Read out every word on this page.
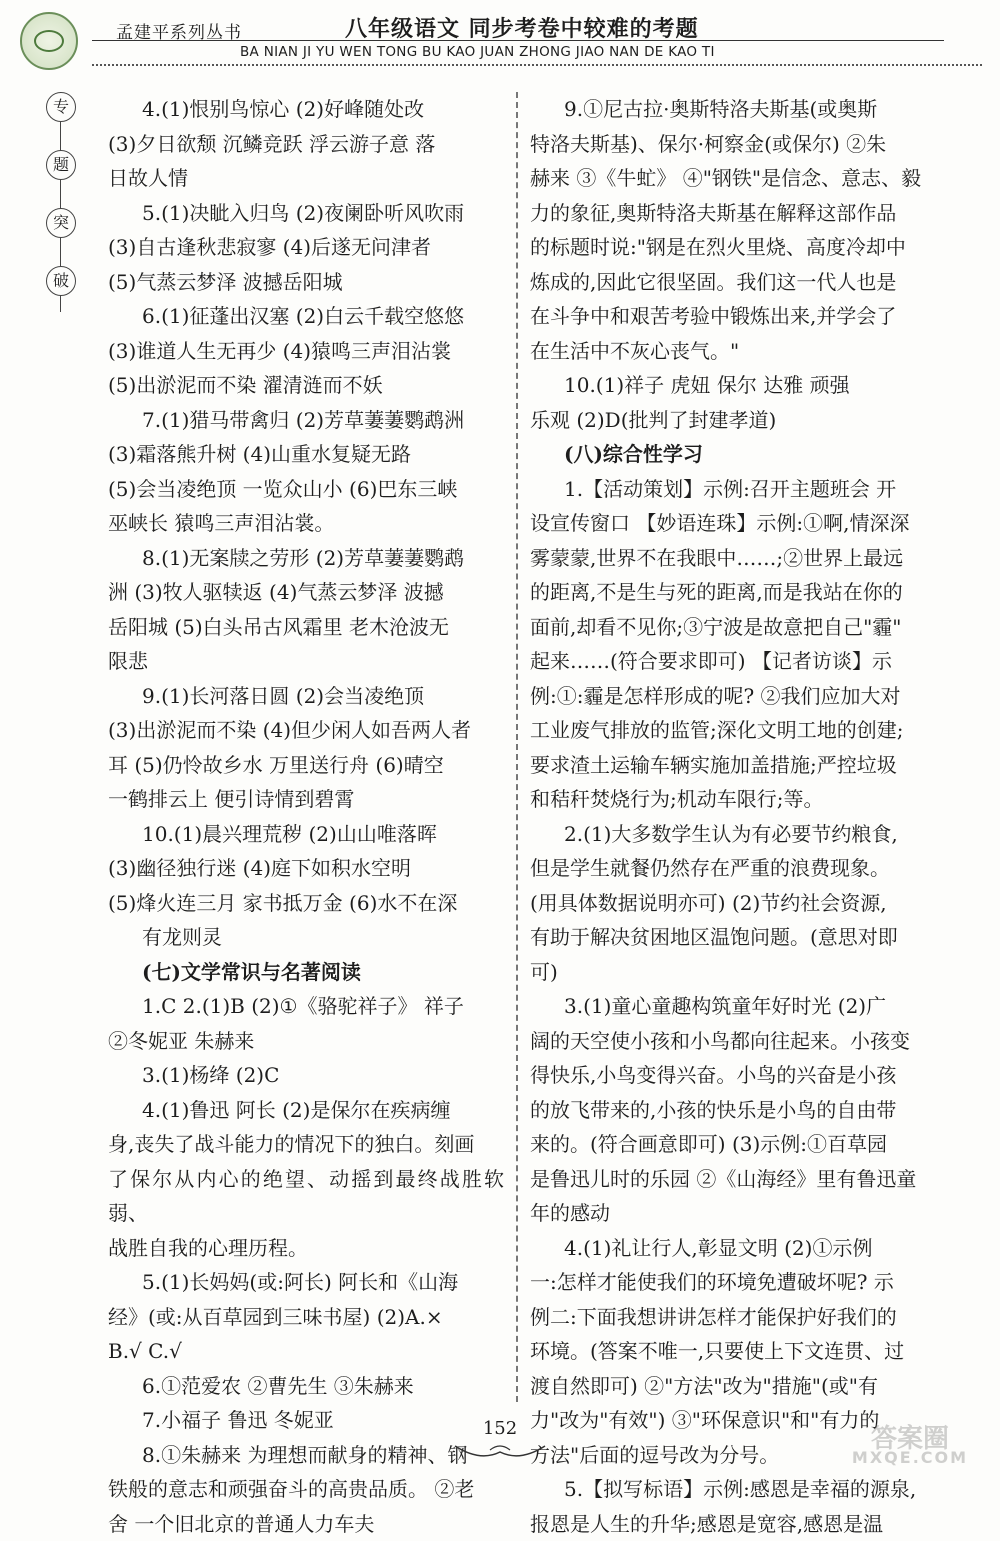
孟建平系列丛书	八年级语文 同步考卷中较难的考题
BA NIAN JI YU WEN TONG BU KAO JUAN ZHONG JIAO NAN DE KAO TI
专
题
突
破

4.(1)恨别鸟惊心 (2)好峰随处改

(3)夕日欲颓 沉鳞竞跃 浮云游子意 落

日故人情

5.(1)决眦入归鸟 (2)夜阑卧听风吹雨

(3)自古逢秋悲寂寥 (4)后遂无问津者

(5)气蒸云梦泽 波撼岳阳城

6.(1)征蓬出汉塞 (2)白云千载空悠悠

(3)谁道人生无再少 (4)猿鸣三声泪沾裳

(5)出淤泥而不染 濯清涟而不妖

7.(1)猎马带禽归 (2)芳草萋萋鹦鹉洲

(3)霜落熊升树 (4)山重水复疑无路

(5)会当凌绝顶 一览众山小 (6)巴东三峡

巫峡长 猿鸣三声泪沾裳。

8.(1)无案牍之劳形 (2)芳草萋萋鹦鹉

洲 (3)牧人驱犊返 (4)气蒸云梦泽 波撼

岳阳城 (5)白头吊古风霜里 老木沧波无

限悲

9.(1)长河落日圆 (2)会当凌绝顶

(3)出淤泥而不染 (4)但少闲人如吾两人者

耳 (5)仍怜故乡水 万里送行舟 (6)晴空

一鹤排云上 便引诗情到碧霄

10.(1)晨兴理荒秽 (2)山山唯落晖

(3)幽径独行迷 (4)庭下如积水空明

(5)烽火连三月 家书抵万金 (6)水不在深

有龙则灵

(七)文学常识与名著阅读

1.C 2.(1)B (2)①《骆驼祥子》 祥子

②冬妮亚 朱赫来

3.(1)杨绛 (2)C

4.(1)鲁迅 阿长 (2)是保尔在疾病缠

身,丧失了战斗能力的情况下的独白。刻画

了保尔从内心的绝望、动摇到最终战胜软弱、

战胜自我的心理历程。

5.(1)长妈妈(或:阿长) 阿长和《山海

经》(或:从百草园到三味书屋) (2)A.×

B.√ C.√

6.①范爱农 ②曹先生 ③朱赫来

7.小福子 鲁迅 冬妮亚

8.①朱赫来 为理想而献身的精神、钢

铁般的意志和顽强奋斗的高贵品质。 ②老

舍 一个旧北京的普通人力车夫

9.①尼古拉·奥斯特洛夫斯基(或奥斯

特洛夫斯基)、保尔·柯察金(或保尔) ②朱

赫来 ③《牛虻》 ④"钢铁"是信念、意志、毅

力的象征,奥斯特洛夫斯基在解释这部作品

的标题时说:"钢是在烈火里烧、高度冷却中

炼成的,因此它很坚固。我们这一代人也是

在斗争中和艰苦考验中锻炼出来,并学会了

在生活中不灰心丧气。"

10.(1)祥子 虎妞 保尔 达雅 顽强

乐观 (2)D(批判了封建孝道)

(八)综合性学习

1.【活动策划】示例:召开主题班会 开

设宣传窗口 【妙语连珠】示例:①啊,情深深

雾蒙蒙,世界不在我眼中……;②世界上最远

的距离,不是生与死的距离,而是我站在你的

面前,却看不见你;③宁波是故意把自己"霾"

起来……(符合要求即可) 【记者访谈】示

例:①:霾是怎样形成的呢? ②我们应加大对

工业废气排放的监管;深化文明工地的创建;

要求渣土运输车辆实施加盖措施;严控垃圾

和秸秆焚烧行为;机动车限行;等。

2.(1)大多数学生认为有必要节约粮食,

但是学生就餐仍然存在严重的浪费现象。

(用具体数据说明亦可) (2)节约社会资源,

有助于解决贫困地区温饱问题。(意思对即

可)

3.(1)童心童趣构筑童年好时光 (2)广

阔的天空使小孩和小鸟都向往起来。小孩变

得快乐,小鸟变得兴奋。小鸟的兴奋是小孩

的放飞带来的,小孩的快乐是小鸟的自由带

来的。(符合画意即可) (3)示例:①百草园

是鲁迅儿时的乐园 ②《山海经》里有鲁迅童

年的感动

4.(1)礼让行人,彰显文明 (2)①示例

一:怎样才能使我们的环境免遭破坏呢? 示

例二:下面我想讲讲怎样才能保护好我们的

环境。(答案不唯一,只要使上下文连贯、过

渡自然即可) ②"方法"改为"措施"(或"有

力"改为"有效") ③"环保意识"和"有力的

方法"后面的逗号改为分号。

5.【拟写标语】示例:感恩是幸福的源泉,

报恩是人生的升华;感恩是宽容,感恩是温

152	答案圈
MXQE.COM
